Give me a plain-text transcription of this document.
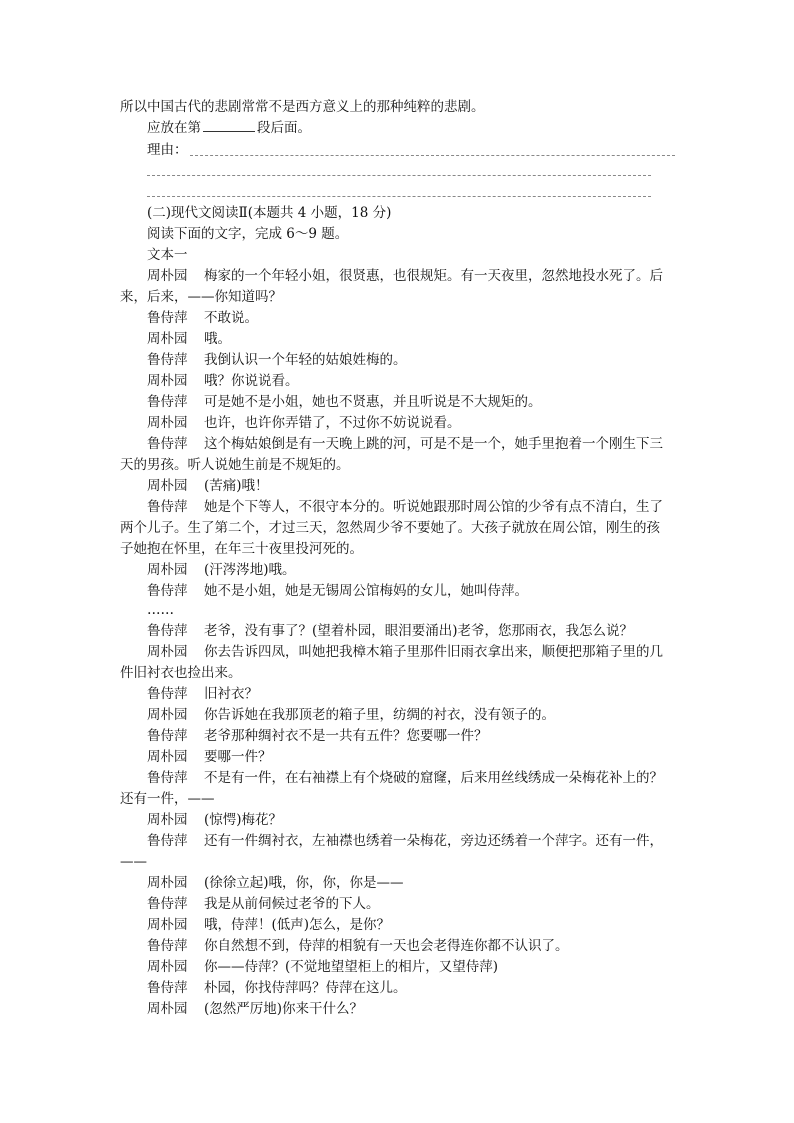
所以中国古代的悲剧常常不是西方意义上的那种纯粹的悲剧。
应放在第	段后面。
理由：
(二)现代文阅读Ⅱ(本题共 4 小题，18 分)
阅读下面的文字，完成 6～9 题。
文本一
周朴园	梅家的一个年轻小姐，很贤惠，也很规矩。有一天夜里，忽然地投水死了。后
来，后来，——你知道吗？
鲁侍萍	不敢说。
周朴园	哦。
鲁侍萍	我倒认识一个年轻的姑娘姓梅的。
周朴园	哦？你说说看。
鲁侍萍	可是她不是小姐，她也不贤惠，并且听说是不大规矩的。
周朴园	也许，也许你弄错了，不过你不妨说说看。
鲁侍萍	这个梅姑娘倒是有一天晚上跳的河，可是不是一个，她手里抱着一个刚生下三
天的男孩。听人说她生前是不规矩的。
周朴园	(苦痛)哦！
鲁侍萍	她是个下等人，不很守本分的。听说她跟那时周公馆的少爷有点不清白，生了
两个儿子。生了第二个，才过三天，忽然周少爷不要她了。大孩子就放在周公馆，刚生的孩
子她抱在怀里，在年三十夜里投河死的。
周朴园	(汗涔涔地)哦。
鲁侍萍	她不是小姐，她是无锡周公馆梅妈的女儿，她叫侍萍。
……
鲁侍萍	老爷，没有事了？(望着朴园，眼泪要涌出)老爷，您那雨衣，我怎么说？
周朴园	你去告诉四凤，叫她把我樟木箱子里那件旧雨衣拿出来，顺便把那箱子里的几
件旧衬衣也捡出来。
鲁侍萍	旧衬衣？
周朴园	你告诉她在我那顶老的箱子里，纺绸的衬衣，没有领子的。
鲁侍萍	老爷那种绸衬衣不是一共有五件？您要哪一件？
周朴园	要哪一件？
鲁侍萍	不是有一件，在右袖襟上有个烧破的窟窿，后来用丝线绣成一朵梅花补上的？
还有一件，——
周朴园	(惊愕)梅花？
鲁侍萍	还有一件绸衬衣，左袖襟也绣着一朵梅花，旁边还绣着一个萍字。还有一件，
——
周朴园	(徐徐立起)哦，你，你，你是——
鲁侍萍	我是从前伺候过老爷的下人。
周朴园	哦，侍萍！(低声)怎么，是你？
鲁侍萍	你自然想不到，侍萍的相貌有一天也会老得连你都不认识了。
周朴园	你——侍萍？(不觉地望望柜上的相片，又望侍萍)
鲁侍萍	朴园，你找侍萍吗？侍萍在这儿。
周朴园	(忽然严厉地)你来干什么？
